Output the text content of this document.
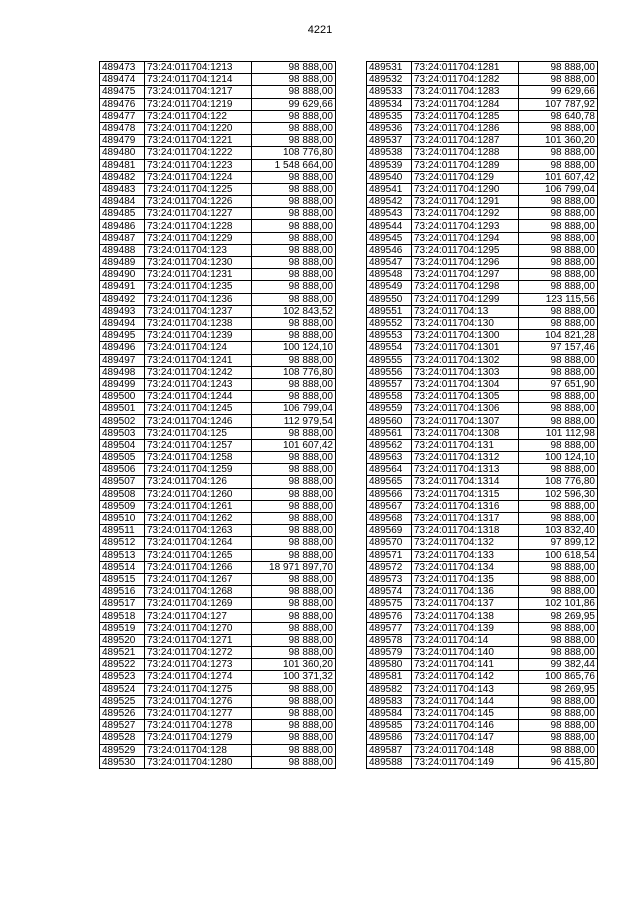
4221
489473	73:24:011704:1213	98 888,00
489474	73:24:011704:1214	98 888,00
489475	73:24:011704:1217	98 888,00
489476	73:24:011704:1219	99 629,66
489477	73:24:011704:122	98 888,00
489478	73:24:011704:1220	98 888,00
489479	73:24:011704:1221	98 888,00
489480	73:24:011704:1222	108 776,80
489481	73:24:011704:1223	1 548 664,00
489482	73:24:011704:1224	98 888,00
489483	73:24:011704:1225	98 888,00
489484	73:24:011704:1226	98 888,00
489485	73:24:011704:1227	98 888,00
489486	73:24:011704:1228	98 888,00
489487	73:24:011704:1229	98 888,00
489488	73:24:011704:123	98 888,00
489489	73:24:011704:1230	98 888,00
489490	73:24:011704:1231	98 888,00
489491	73:24:011704:1235	98 888,00
489492	73:24:011704:1236	98 888,00
489493	73:24:011704:1237	102 843,52
489494	73:24:011704:1238	98 888,00
489495	73:24:011704:1239	98 888,00
489496	73:24:011704:124	100 124,10
489497	73:24:011704:1241	98 888,00
489498	73:24:011704:1242	108 776,80
489499	73:24:011704:1243	98 888,00
489500	73:24:011704:1244	98 888,00
489501	73:24:011704:1245	106 799,04
489502	73:24:011704:1246	112 979,54
489503	73:24:011704:125	98 888,00
489504	73:24:011704:1257	101 607,42
489505	73:24:011704:1258	98 888,00
489506	73:24:011704:1259	98 888,00
489507	73:24:011704:126	98 888,00
489508	73:24:011704:1260	98 888,00
489509	73:24:011704:1261	98 888,00
489510	73:24:011704:1262	98 888,00
489511	73:24:011704:1263	98 888,00
489512	73:24:011704:1264	98 888,00
489513	73:24:011704:1265	98 888,00
489514	73:24:011704:1266	18 971 897,70
489515	73:24:011704:1267	98 888,00
489516	73:24:011704:1268	98 888,00
489517	73:24:011704:1269	98 888,00
489518	73:24:011704:127	98 888,00
489519	73:24:011704:1270	98 888,00
489520	73:24:011704:1271	98 888,00
489521	73:24:011704:1272	98 888,00
489522	73:24:011704:1273	101 360,20
489523	73:24:011704:1274	100 371,32
489524	73:24:011704:1275	98 888,00
489525	73:24:011704:1276	98 888,00
489526	73:24:011704:1277	98 888,00
489527	73:24:011704:1278	98 888,00
489528	73:24:011704:1279	98 888,00
489529	73:24:011704:128	98 888,00
489530	73:24:011704:1280	98 888,00
489531	73:24:011704:1281	98 888,00
489532	73:24:011704:1282	98 888,00
489533	73:24:011704:1283	99 629,66
489534	73:24:011704:1284	107 787,92
489535	73:24:011704:1285	98 640,78
489536	73:24:011704:1286	98 888,00
489537	73:24:011704:1287	101 360,20
489538	73:24:011704:1288	98 888,00
489539	73:24:011704:1289	98 888,00
489540	73:24:011704:129	101 607,42
489541	73:24:011704:1290	106 799,04
489542	73:24:011704:1291	98 888,00
489543	73:24:011704:1292	98 888,00
489544	73:24:011704:1293	98 888,00
489545	73:24:011704:1294	98 888,00
489546	73:24:011704:1295	98 888,00
489547	73:24:011704:1296	98 888,00
489548	73:24:011704:1297	98 888,00
489549	73:24:011704:1298	98 888,00
489550	73:24:011704:1299	123 115,56
489551	73:24:011704:13	98 888,00
489552	73:24:011704:130	98 888,00
489553	73:24:011704:1300	104 821,28
489554	73:24:011704:1301	97 157,46
489555	73:24:011704:1302	98 888,00
489556	73:24:011704:1303	98 888,00
489557	73:24:011704:1304	97 651,90
489558	73:24:011704:1305	98 888,00
489559	73:24:011704:1306	98 888,00
489560	73:24:011704:1307	98 888,00
489561	73:24:011704:1308	101 112,98
489562	73:24:011704:131	98 888,00
489563	73:24:011704:1312	100 124,10
489564	73:24:011704:1313	98 888,00
489565	73:24:011704:1314	108 776,80
489566	73:24:011704:1315	102 596,30
489567	73:24:011704:1316	98 888,00
489568	73:24:011704:1317	98 888,00
489569	73:24:011704:1318	103 832,40
489570	73:24:011704:132	97 899,12
489571	73:24:011704:133	100 618,54
489572	73:24:011704:134	98 888,00
489573	73:24:011704:135	98 888,00
489574	73:24:011704:136	98 888,00
489575	73:24:011704:137	102 101,86
489576	73:24:011704:138	98 269,95
489577	73:24:011704:139	98 888,00
489578	73:24:011704:14	98 888,00
489579	73:24:011704:140	98 888,00
489580	73:24:011704:141	99 382,44
489581	73:24:011704:142	100 865,76
489582	73:24:011704:143	98 269,95
489583	73:24:011704:144	98 888,00
489584	73:24:011704:145	98 888,00
489585	73:24:011704:146	98 888,00
489586	73:24:011704:147	98 888,00
489587	73:24:011704:148	98 888,00
489588	73:24:011704:149	96 415,80
